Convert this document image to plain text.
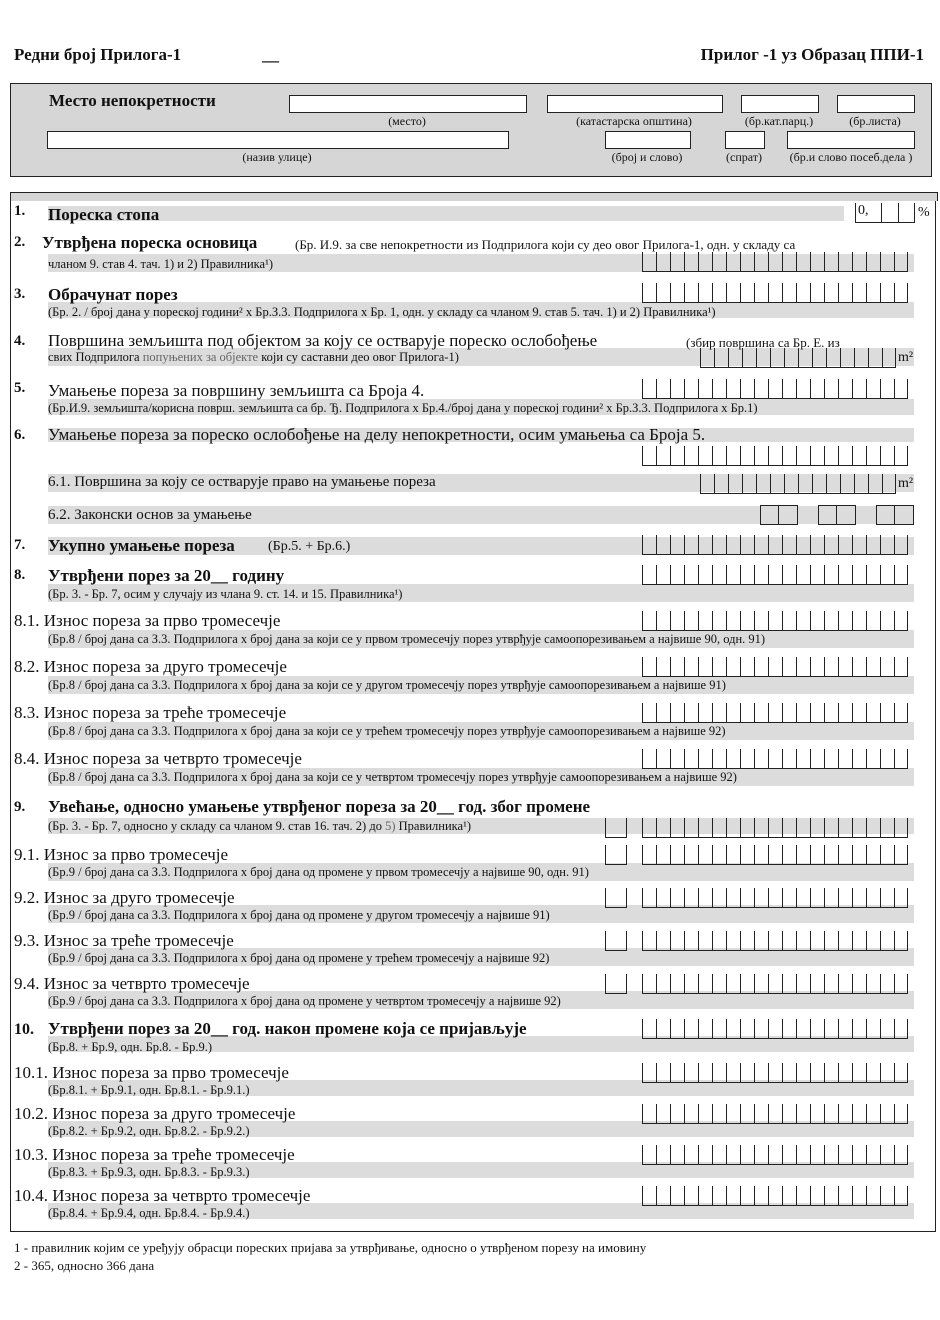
Редни број Прилога-1	__	Прилог -1 уз Образац ППИ-1
Место непокретности
(место)	(катастарска општина)	(бр.кат.парц.)	(бр.листа)
(назив улице)	(број и слово)	(спрат)	(бр.и слово посеб.дела )
1. Пореска стопа	0,	%
2. Утврђена пореска основица	(Бр. И.9. за све непокретности из Подприлога који су део овог Прилога-1, одн. у складу са
чланом 9. став 4. тач. 1) и 2) Правилника¹)
3. Обрачунат порез
(Бр. 2. / број дана у пореској години² х Бр.З.3. Подприлога х Бр. 1, одн. у складу са чланом 9. став 5. тач. 1) и 2) Правилника¹)
4. Површина земљишта под објектом за коју се остварује пореско ослобођење	(збир површина са Бр. Е. из
свих Подприлога попуњених за објекте који су саставни део овог Прилога-1)	m²
5. Умањење пореза за површину земљишта са Броја 4.
(Бр.И.9. земљишта/корисна површ. земљишта са бр. Ђ. Подприлога х Бр.4./број дана у пореској години² х Бр.З.3. Подприлога х Бр.1)
6. Умањење пореза за пореско ослобођење на делу непокретности, осим умањења са Броја 5.
6.1. Површина за коју се остварује право на умањење пореза	m²
6.2. Законски основ за умањење
7. Укупно умањење пореза (Бр.5. + Бр.6.)
8. Утврђени порез за 20__ годину
(Бр. 3. - Бр. 7, осим у случају из члана 9. ст. 14. и 15. Правилника¹)
8.1. Износ пореза за прво тромесечје
(Бр.8 / број дана са З.3. Подприлога х број дана за који се у првом тромесечју порез утврђује самоопорезивањем а највише 90, одн. 91)
8.2. Износ пореза за друго тромесечје
(Бр.8 / број дана са З.3. Подприлога х број дана за који се у другом тромесечју порез утврђује самоопорезивањем а највише 91)
8.3. Износ пореза за треће тромесечје
(Бр.8 / број дана са З.3. Подприлога х број дана за који се у трећем тромесечју порез утврђује самоопорезивањем а највише 92)
8.4. Износ пореза за четврто тромесечје
(Бр.8 / број дана са З.3. Подприлога х број дана за који се у четвртом тромесечју порез утврђује самоопорезивањем а највише 92)
9. Увећање, односно умањење утврђеног пореза за 20__ год. због промене
(Бр. 3. - Бр. 7, односно у складу са чланом 9. став 16. тач. 2) до 5) Правилника¹)
9.1. Износ за прво тромесечје
(Бр.9 / број дана са З.3. Подприлога х број дана од промене у првом тромесечју а највише 90, одн. 91)
9.2. Износ за друго тромесечје
(Бр.9 / број дана са З.3. Подприлога х број дана од промене у другом тромесечју а највише 91)
9.3. Износ за треће тромесечје
(Бр.9 / број дана са З.3. Подприлога х број дана од промене у трећем тромесечју а највише 92)
9.4. Износ за четврто тромесечје
(Бр.9 / број дана са З.3. Подприлога х број дана од промене у четвртом тромесечју а највише 92)
10. Утврђени порез за 20__ год. након промене која се пријављује
(Бр.8. + Бр.9, одн. Бр.8. - Бр.9.)
10.1. Износ пореза за прво тромесечје
(Бр.8.1. + Бр.9.1, одн. Бр.8.1. - Бр.9.1.)
10.2. Износ пореза за друго тромесечје
(Бр.8.2. + Бр.9.2, одн. Бр.8.2. - Бр.9.2.)
10.3. Износ пореза за треће тромесечје
(Бр.8.3. + Бр.9.3, одн. Бр.8.3. - Бр.9.3.)
10.4. Износ пореза за четврто тромесечје
(Бр.8.4. + Бр.9.4, одн. Бр.8.4. - Бр.9.4.)
1 - правилник којим се уређују обрасци пореских пријава за утврђивање, односно о утврђеном порезу на имовину
2 - 365, односно 366 дана
